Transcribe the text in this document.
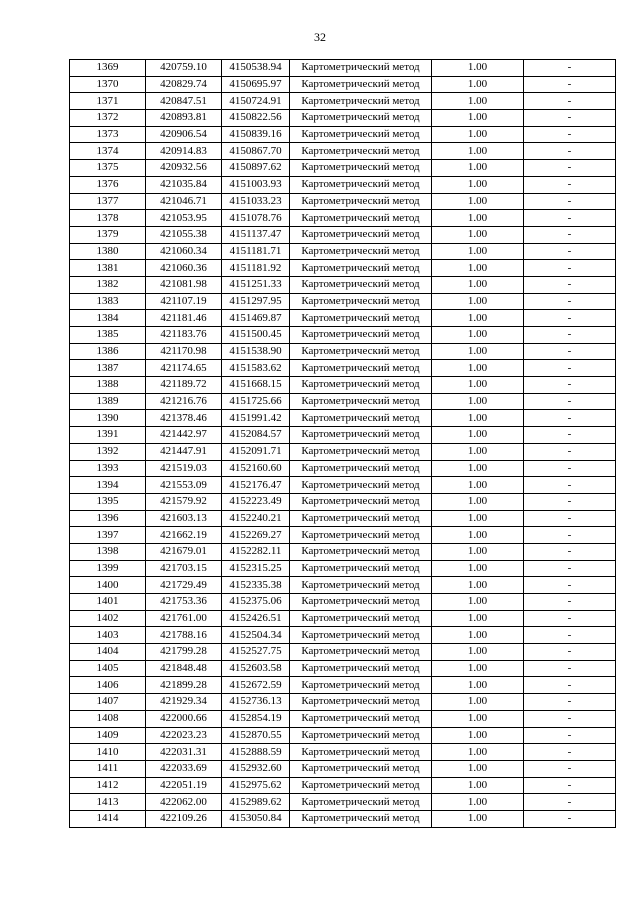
32
1369	420759.10	4150538.94	Картометрический метод	1.00	-
1370	420829.74	4150695.97	Картометрический метод	1.00	-
1371	420847.51	4150724.91	Картометрический метод	1.00	-
1372	420893.81	4150822.56	Картометрический метод	1.00	-
1373	420906.54	4150839.16	Картометрический метод	1.00	-
1374	420914.83	4150867.70	Картометрический метод	1.00	-
1375	420932.56	4150897.62	Картометрический метод	1.00	-
1376	421035.84	4151003.93	Картометрический метод	1.00	-
1377	421046.71	4151033.23	Картометрический метод	1.00	-
1378	421053.95	4151078.76	Картометрический метод	1.00	-
1379	421055.38	4151137.47	Картометрический метод	1.00	-
1380	421060.34	4151181.71	Картометрический метод	1.00	-
1381	421060.36	4151181.92	Картометрический метод	1.00	-
1382	421081.98	4151251.33	Картометрический метод	1.00	-
1383	421107.19	4151297.95	Картометрический метод	1.00	-
1384	421181.46	4151469.87	Картометрический метод	1.00	-
1385	421183.76	4151500.45	Картометрический метод	1.00	-
1386	421170.98	4151538.90	Картометрический метод	1.00	-
1387	421174.65	4151583.62	Картометрический метод	1.00	-
1388	421189.72	4151668.15	Картометрический метод	1.00	-
1389	421216.76	4151725.66	Картометрический метод	1.00	-
1390	421378.46	4151991.42	Картометрический метод	1.00	-
1391	421442.97	4152084.57	Картометрический метод	1.00	-
1392	421447.91	4152091.71	Картометрический метод	1.00	-
1393	421519.03	4152160.60	Картометрический метод	1.00	-
1394	421553.09	4152176.47	Картометрический метод	1.00	-
1395	421579.92	4152223.49	Картометрический метод	1.00	-
1396	421603.13	4152240.21	Картометрический метод	1.00	-
1397	421662.19	4152269.27	Картометрический метод	1.00	-
1398	421679.01	4152282.11	Картометрический метод	1.00	-
1399	421703.15	4152315.25	Картометрический метод	1.00	-
1400	421729.49	4152335.38	Картометрический метод	1.00	-
1401	421753.36	4152375.06	Картометрический метод	1.00	-
1402	421761.00	4152426.51	Картометрический метод	1.00	-
1403	421788.16	4152504.34	Картометрический метод	1.00	-
1404	421799.28	4152527.75	Картометрический метод	1.00	-
1405	421848.48	4152603.58	Картометрический метод	1.00	-
1406	421899.28	4152672.59	Картометрический метод	1.00	-
1407	421929.34	4152736.13	Картометрический метод	1.00	-
1408	422000.66	4152854.19	Картометрический метод	1.00	-
1409	422023.23	4152870.55	Картометрический метод	1.00	-
1410	422031.31	4152888.59	Картометрический метод	1.00	-
1411	422033.69	4152932.60	Картометрический метод	1.00	-
1412	422051.19	4152975.62	Картометрический метод	1.00	-
1413	422062.00	4152989.62	Картометрический метод	1.00	-
1414	422109.26	4153050.84	Картометрический метод	1.00	-
